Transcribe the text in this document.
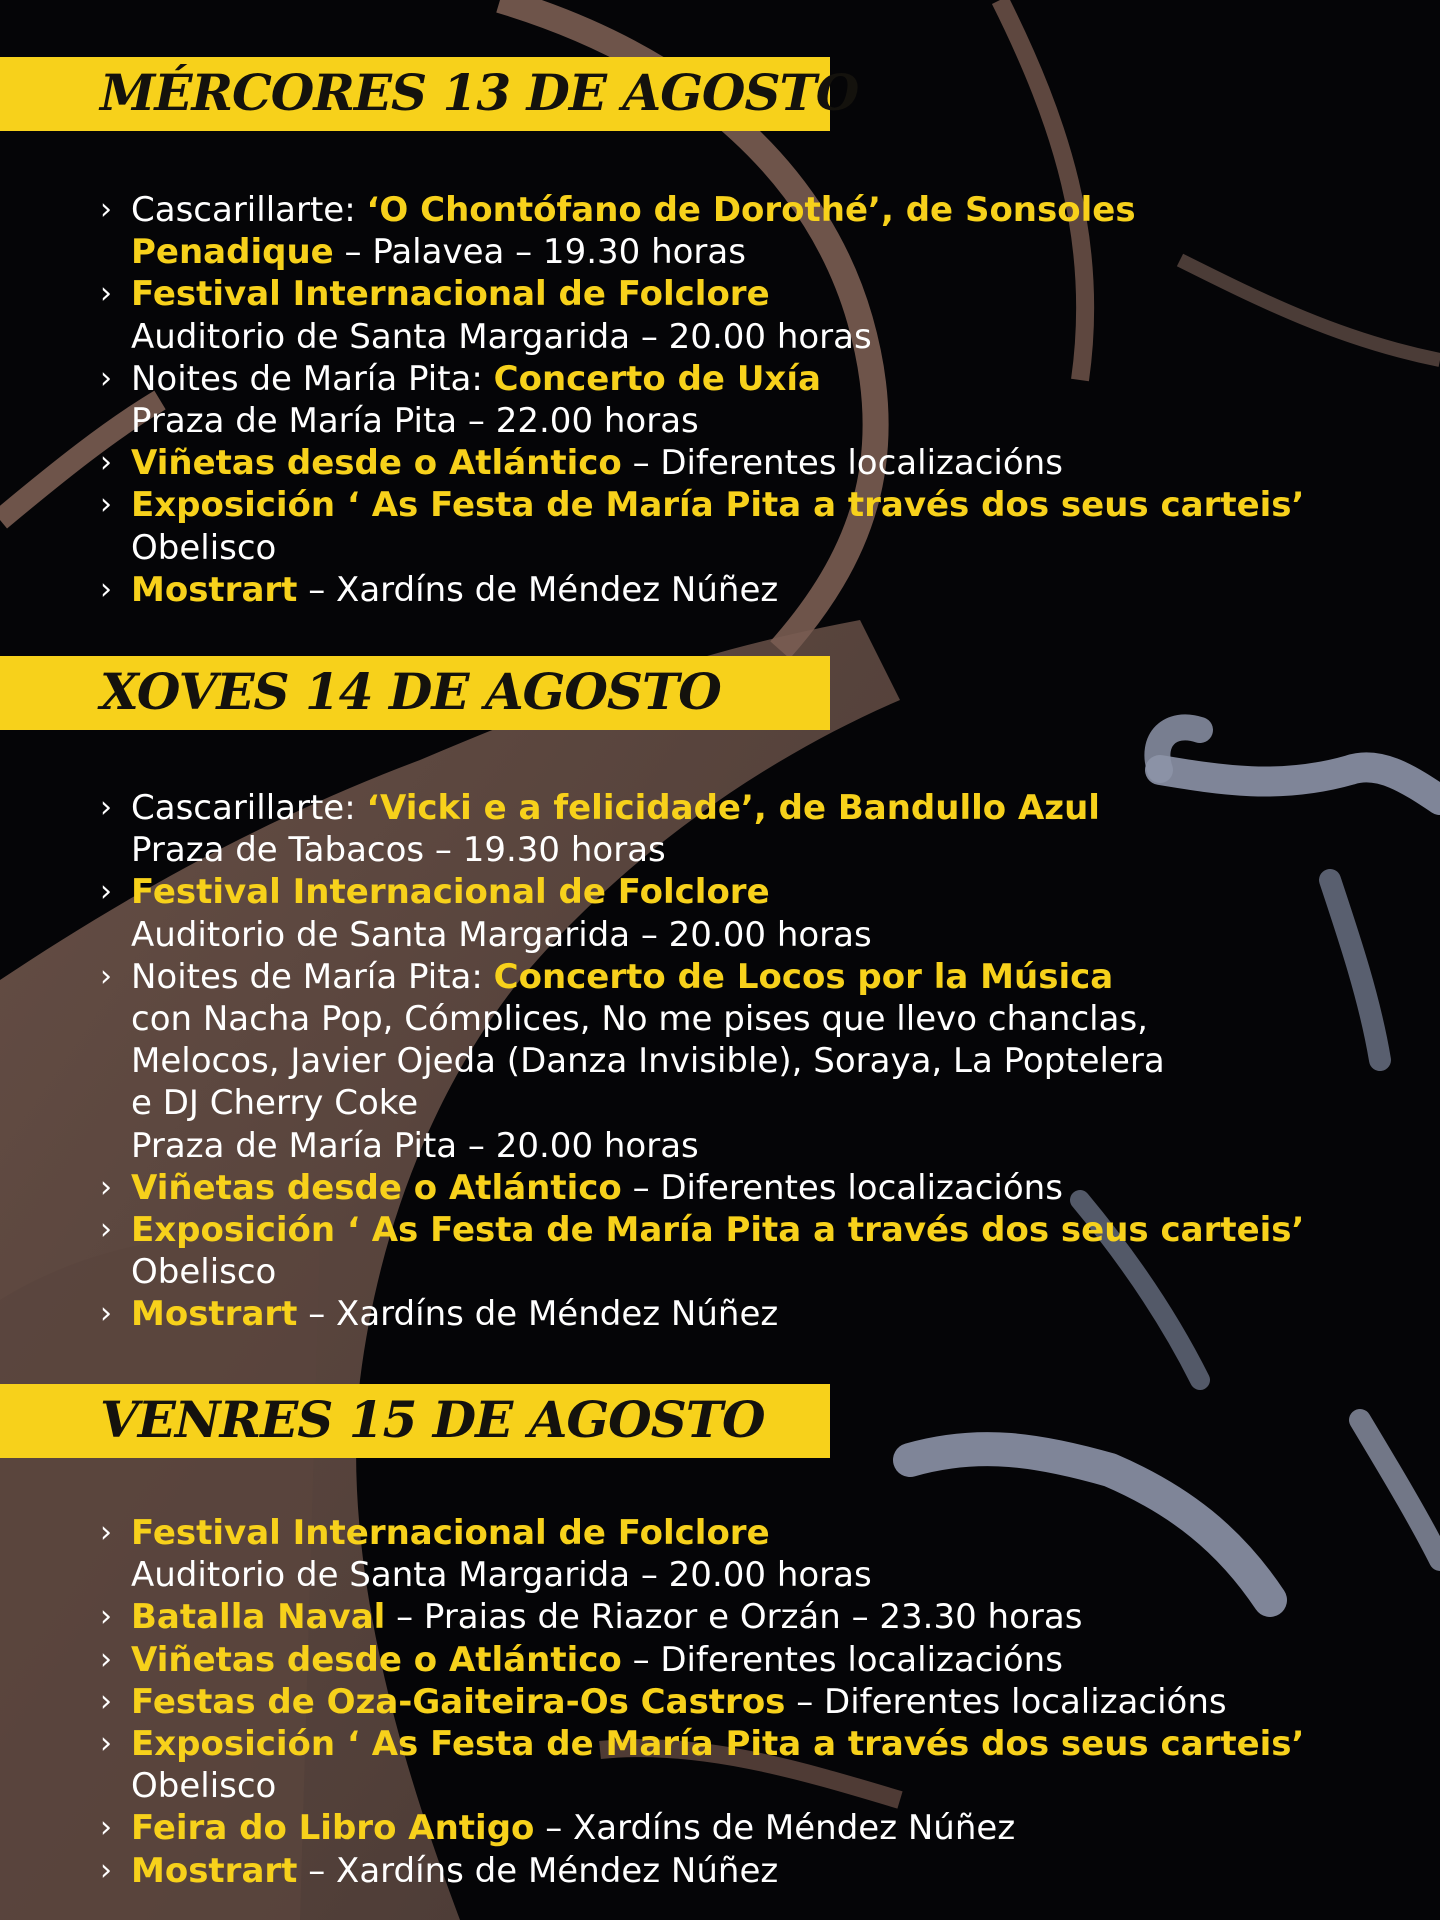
MÉRCORES 13 DE AGOSTO
› Cascarillarte: ‘O Chontófano de Dorothé’, de Sonsoles
Penadique – Palavea – 19.30 horas
› Festival Internacional de Folclore
Auditorio de Santa Margarida – 20.00 horas
› Noites de María Pita: Concerto de Uxía
Praza de María Pita – 22.00 horas
› Viñetas desde o Atlántico – Diferentes localizacións
› Exposición ‘ As Festa de María Pita a través dos seus carteis’
Obelisco
› Mostrart – Xardíns de Méndez Núñez
XOVES 14 DE AGOSTO
› Cascarillarte: ‘Vicki e a felicidade’, de Bandullo Azul
Praza de Tabacos – 19.30 horas
› Festival Internacional de Folclore
Auditorio de Santa Margarida – 20.00 horas
› Noites de María Pita: Concerto de Locos por la Música
con Nacha Pop, Cómplices, No me pises que llevo chanclas,
Melocos, Javier Ojeda (Danza Invisible), Soraya, La Poptelera
e DJ Cherry Coke
Praza de María Pita – 20.00 horas
› Viñetas desde o Atlántico – Diferentes localizacións
› Exposición ‘ As Festa de María Pita a través dos seus carteis’
Obelisco
› Mostrart – Xardíns de Méndez Núñez
VENRES 15 DE AGOSTO
› Festival Internacional de Folclore
Auditorio de Santa Margarida – 20.00 horas
› Batalla Naval – Praias de Riazor e Orzán – 23.30 horas
› Viñetas desde o Atlántico – Diferentes localizacións
› Festas de Oza-Gaiteira-Os Castros – Diferentes localizacións
› Exposición ‘ As Festa de María Pita a través dos seus carteis’
Obelisco
› Feira do Libro Antigo – Xardíns de Méndez Núñez
› Mostrart – Xardíns de Méndez Núñez
